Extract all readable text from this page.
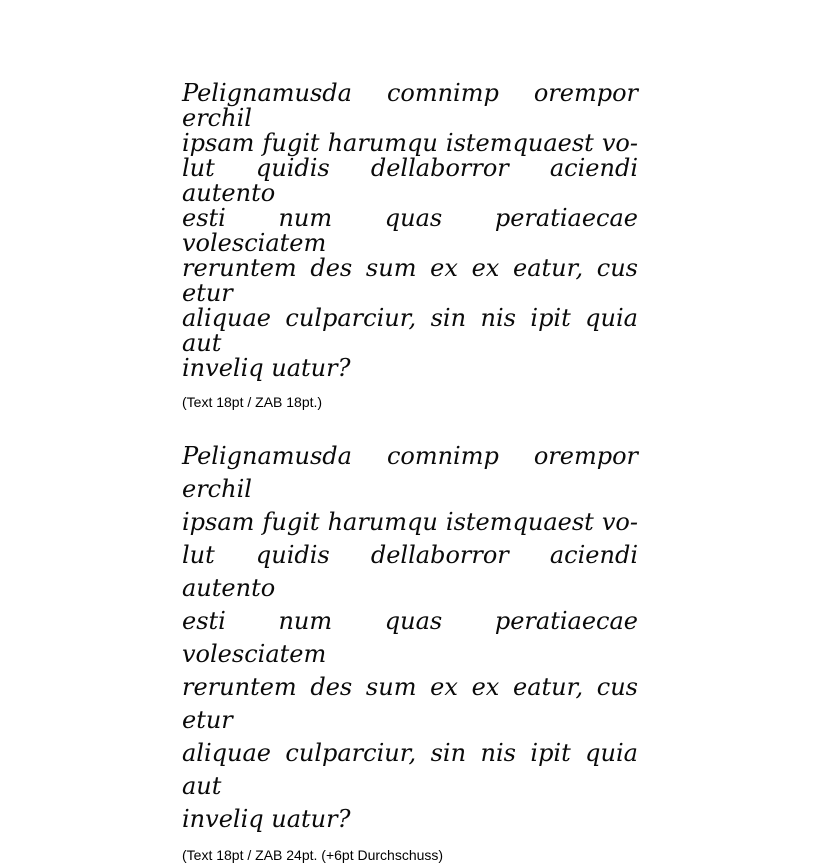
Pelignamusda comnimp orempor erchil
ipsam fugit harumqu istemquaest vo-
lut quidis dellaborror aciendi autento
esti num quas peratiaecae volesciatem
reruntem des sum ex ex eatur, cus etur
aliquae culparciur, sin nis ipit quia aut
inveliq uatur?
(Text 18pt / ZAB 18pt.)
Pelignamusda comnimp orempor erchil
ipsam fugit harumqu istemquaest vo-
lut quidis dellaborror aciendi autento
esti num quas peratiaecae volesciatem
reruntem des sum ex ex eatur, cus etur
aliquae culparciur, sin nis ipit quia aut
inveliq uatur?
(Text 18pt / ZAB 24pt. (+6pt Durchschuss)
